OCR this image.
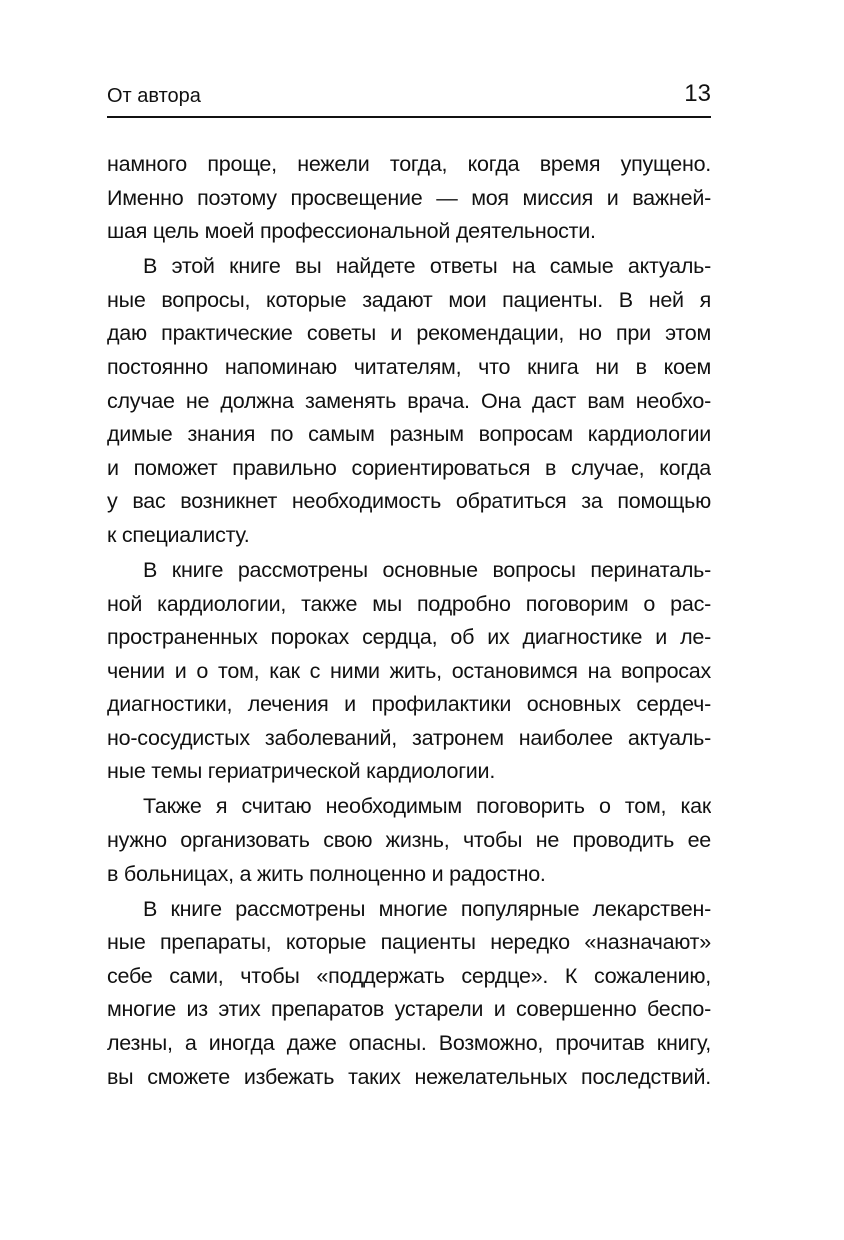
От автора	13
намного проще, нежели тогда, когда время упущено.
Именно поэтому просвещение — моя миссия и важней-
шая цель моей профессиональной деятельности.
В этой книге вы найдете ответы на самые актуаль-
ные вопросы, которые задают мои пациенты. В ней я
даю практические советы и рекомендации, но при этом
постоянно напоминаю читателям, что книга ни в коем
случае не должна заменять врача. Она даст вам необхо-
димые знания по самым разным вопросам кардиологии
и поможет правильно сориентироваться в случае, когда
у вас возникнет необходимость обратиться за помощью
к специалисту.
В книге рассмотрены основные вопросы перинаталь-
ной кардиологии, также мы подробно поговорим о рас-
пространенных пороках сердца, об их диагностике и ле-
чении и о том, как с ними жить, остановимся на вопросах
диагностики, лечения и профилактики основных сердеч-
но-сосудистых заболеваний, затронем наиболее актуаль-
ные темы гериатрической кардиологии.
Также я считаю необходимым поговорить о том, как
нужно организовать свою жизнь, чтобы не проводить ее
в больницах, а жить полноценно и радостно.
В книге рассмотрены многие популярные лекарствен-
ные препараты, которые пациенты нередко «назначают»
себе сами, чтобы «поддержать сердце». К сожалению,
многие из этих препаратов устарели и совершенно беспо-
лезны, а иногда даже опасны. Возможно, прочитав книгу,
вы сможете избежать таких нежелательных последствий.
